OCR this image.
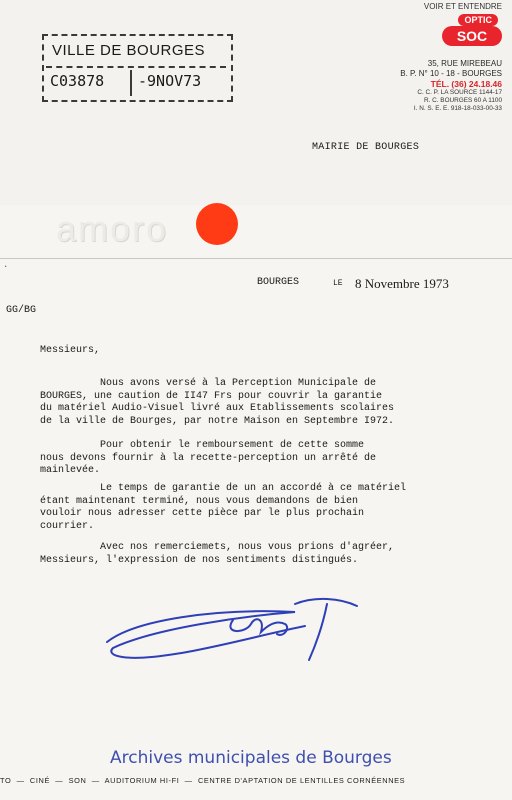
VILLE DE BOURGES
C03878 -9NOV73
VOIR ET ENTENDRE
OPTIC
SOC
35, RUE MIREBEAU
B. P. N° 10 - 18 - BOURGES
TÉL. (36) 24.18.46
C. C. P. LA SOURCE 1144-17
R. C. BOURGES 60 A 1100
I. N. S. E. E. 918-18-033-00-33
MAIRIE DE BOURGES
amoro
·
BOURGES	LE 8 Novembre 1973
GG/BG
Messieurs,
Nous avons versé à la Perception Municipale de
BOURGES, une caution de II47 Frs pour couvrir la garantie
du matériel Audio-Visuel livré aux Etablissements scolaires
de la ville de Bourges, par notre Maison en Septembre I972.
Pour obtenir le remboursement de cette somme
nous devons fournir à la recette-perception un arrêté de
mainlevée.
Le temps de garantie de un an accordé à ce matériel
étant maintenant terminé, nous vous demandons de bien
vouloir nous adresser cette pièce par le plus prochain
courrier.
Avec nos remerciemets, nous vous prions d'agréer,
Messieurs, l'expression de nos sentiments distingués.
Archives municipales de Bourges
TO  —  CINÉ  —  SON  —  AUDITORIUM HI-FI  —  CENTRE D'APTATION DE LENTILLES CORNÉENNES
